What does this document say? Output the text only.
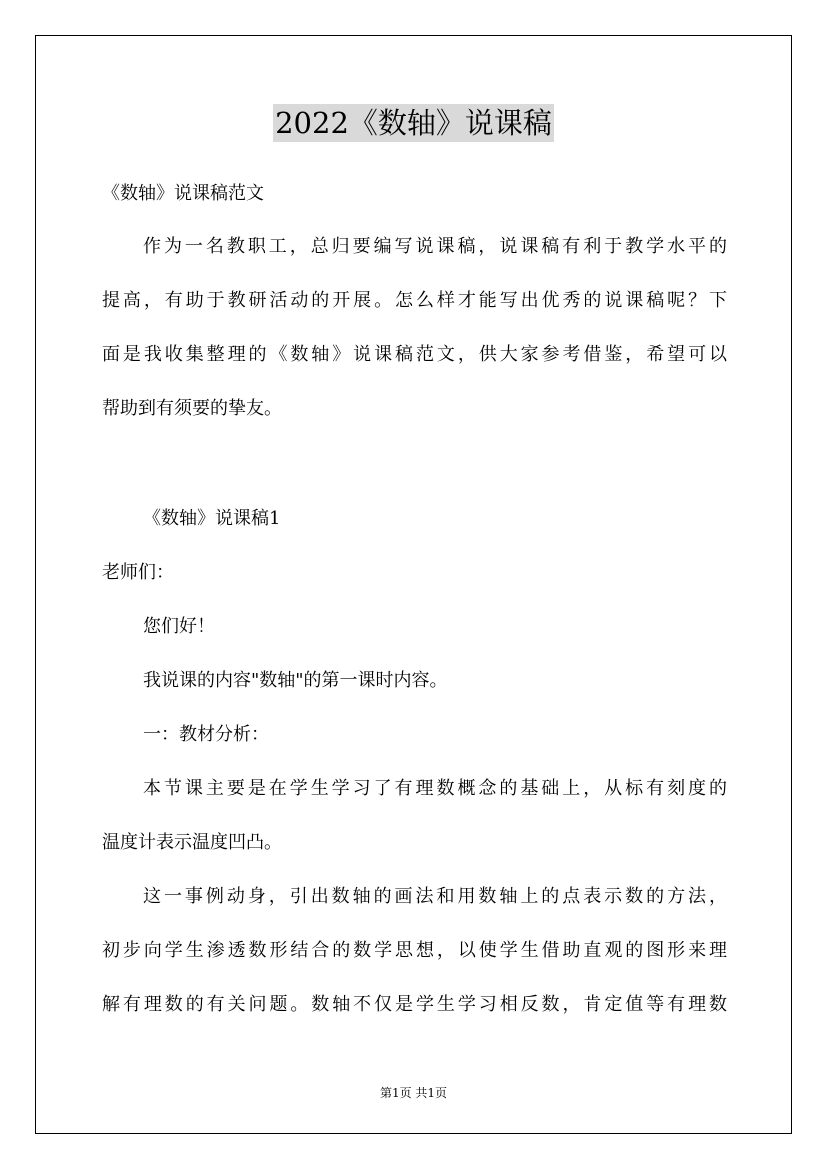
2022《数轴》说课稿
《数轴》说课稿范文
作为一名教职工，总归要编写说课稿，说课稿有利于教学水平的
提高，有助于教研活动的开展。怎么样才能写出优秀的说课稿呢？下
面是我收集整理的《数轴》说课稿范文，供大家参考借鉴，希望可以
帮助到有须要的挚友。
《数轴》说课稿1
老师们：
您们好！
我说课的内容"数轴"的第一课时内容。
一：教材分析：
本节课主要是在学生学习了有理数概念的基础上，从标有刻度的
温度计表示温度凹凸。
这一事例动身，引出数轴的画法和用数轴上的点表示数的方法，
初步向学生渗透数形结合的数学思想，以使学生借助直观的图形来理
解有理数的有关问题。数轴不仅是学生学习相反数，肯定值等有理数
第1页 共1页
